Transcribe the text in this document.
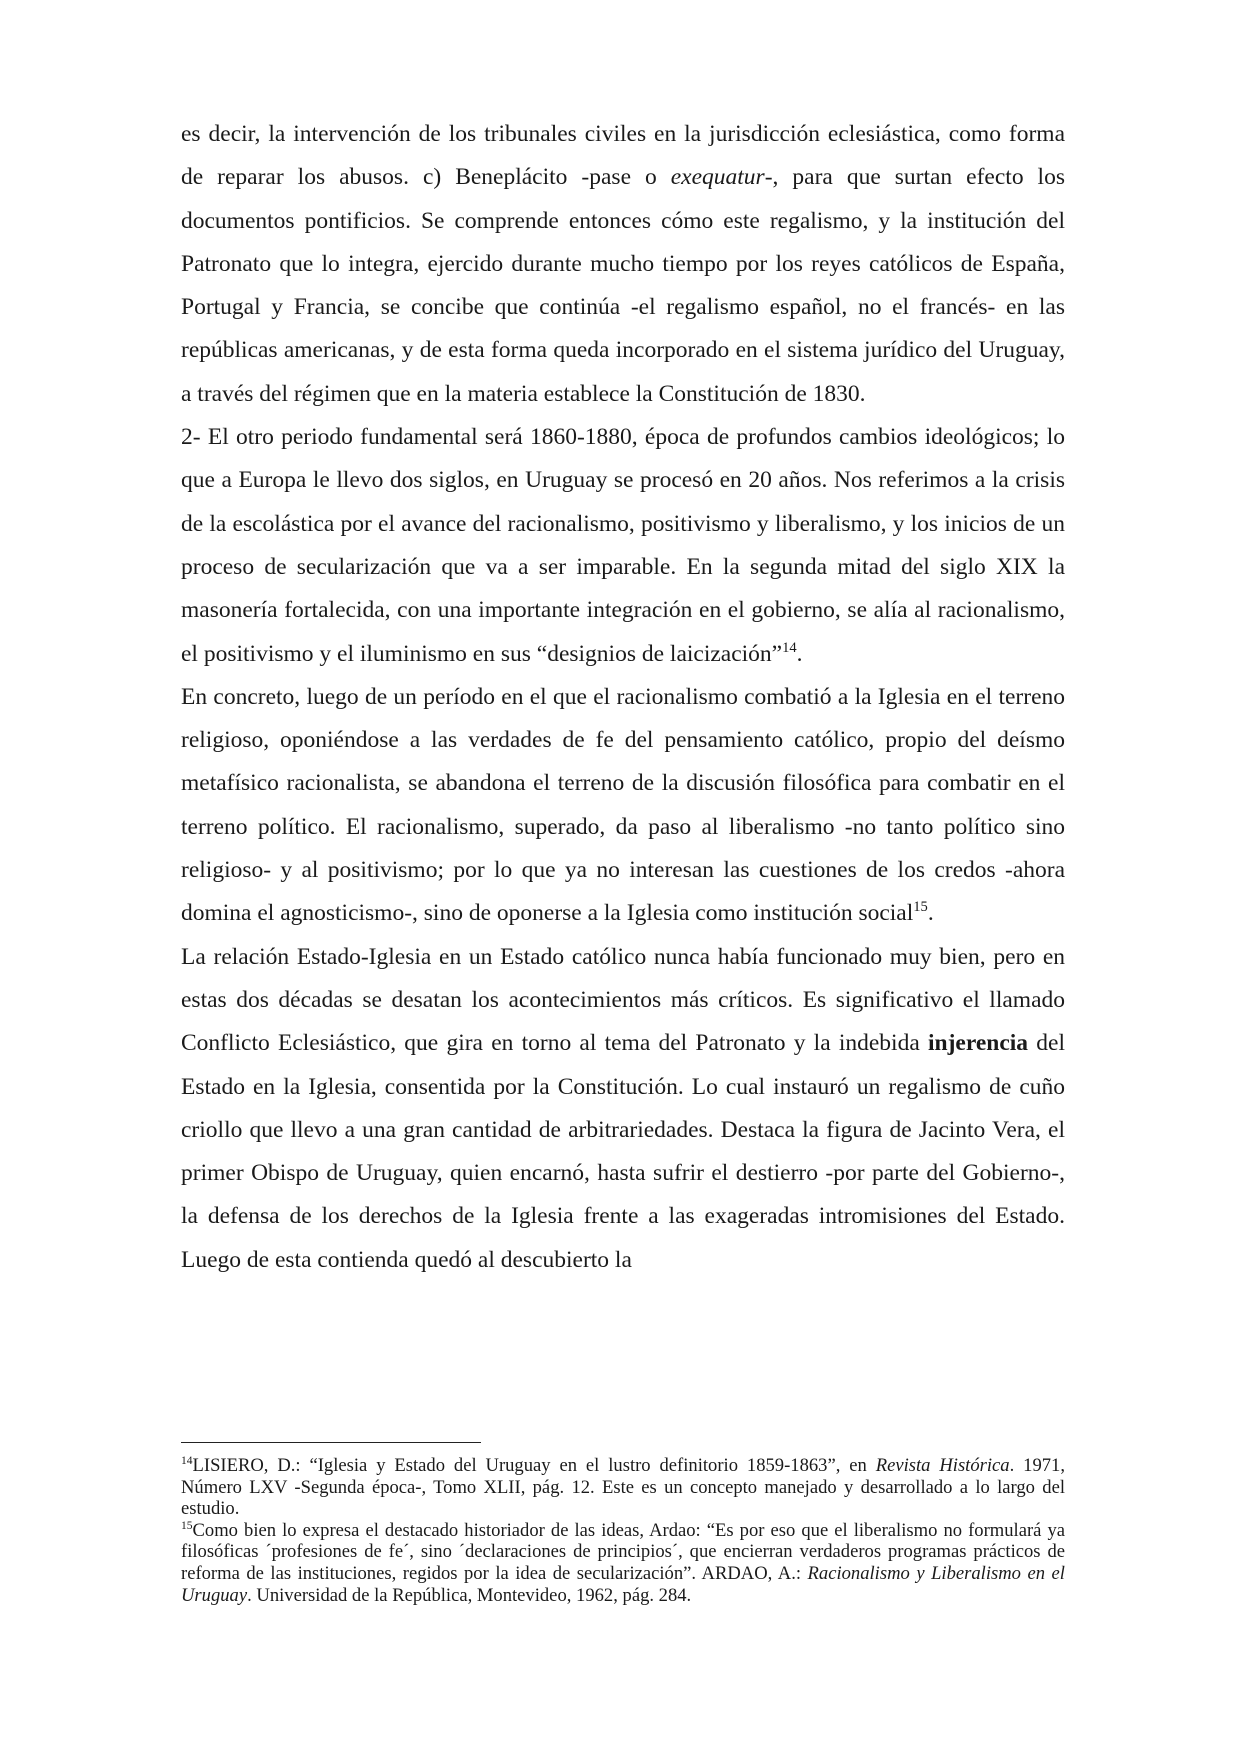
es decir, la intervención de los tribunales civiles en la jurisdicción eclesiástica, como forma de reparar los abusos. c) Beneplácito -pase o exequatur-, para que surtan efecto los documentos pontificios. Se comprende entonces cómo este regalismo, y la institución del Patronato que lo integra, ejercido durante mucho tiempo por los reyes católicos de España, Portugal y Francia, se concibe que continúa -el regalismo español, no el francés- en las repúblicas americanas, y de esta forma queda incorporado en el sistema jurídico del Uruguay, a través del régimen que en la materia establece la Constitución de 1830.

2- El otro periodo fundamental será 1860-1880, época de profundos cambios ideológicos; lo que a Europa le llevo dos siglos, en Uruguay se procesó en 20 años. Nos referimos a la crisis de la escolástica por el avance del racionalismo, positivismo y liberalismo, y los inicios de un proceso de secularización que va a ser imparable. En la segunda mitad del siglo XIX la masonería fortalecida, con una importante integración en el gobierno, se alía al racionalismo, el positivismo y el iluminismo en sus “designios de laicización”$^{14}$.

En concreto, luego de un período en el que el racionalismo combatió a la Iglesia en el terreno religioso, oponiéndose a las verdades de fe del pensamiento católico, propio del deísmo metafísico racionalista, se abandona el terreno de la discusión filosófica para combatir en el terreno político. El racionalismo, superado, da paso al liberalismo -no tanto político sino religioso- y al positivismo; por lo que ya no interesan las cuestiones de los credos -ahora domina el agnosticismo-, sino de oponerse a la Iglesia como institución social$^{15}$.

La relación Estado-Iglesia en un Estado católico nunca había funcionado muy bien, pero en estas dos décadas se desatan los acontecimientos más críticos. Es significativo el llamado Conflicto Eclesiástico, que gira en torno al tema del Patronato y la indebida injerencia del Estado en la Iglesia, consentida por la Constitución. Lo cual instauró un regalismo de cuño criollo que llevo a una gran cantidad de arbitrariedades. Destaca la figura de Jacinto Vera, el primer Obispo de Uruguay, quien encarnó, hasta sufrir el destierro -por parte del Gobierno-, la defensa de los derechos de la Iglesia frente a las exageradas intromisiones del Estado. Luego de esta contienda quedó al descubierto la

$^{14}$LISIERO, D.: “Iglesia y Estado del Uruguay en el lustro definitorio 1859-1863”, en Revista Histórica. 1971, Número LXV -Segunda época-, Tomo XLII, pág. 12. Este es un concepto manejado y desarrollado a lo largo del estudio.

$^{15}$Como bien lo expresa el destacado historiador de las ideas, Ardao: “Es por eso que el liberalismo no formulará ya filosóficas ´profesiones de fe´, sino ´declaraciones de principios´, que encierran verdaderos programas prácticos de reforma de las instituciones, regidos por la idea de secularización”. ARDAO, A.: Racionalismo y Liberalismo en el Uruguay. Universidad de la República, Montevideo, 1962, pág. 284.
